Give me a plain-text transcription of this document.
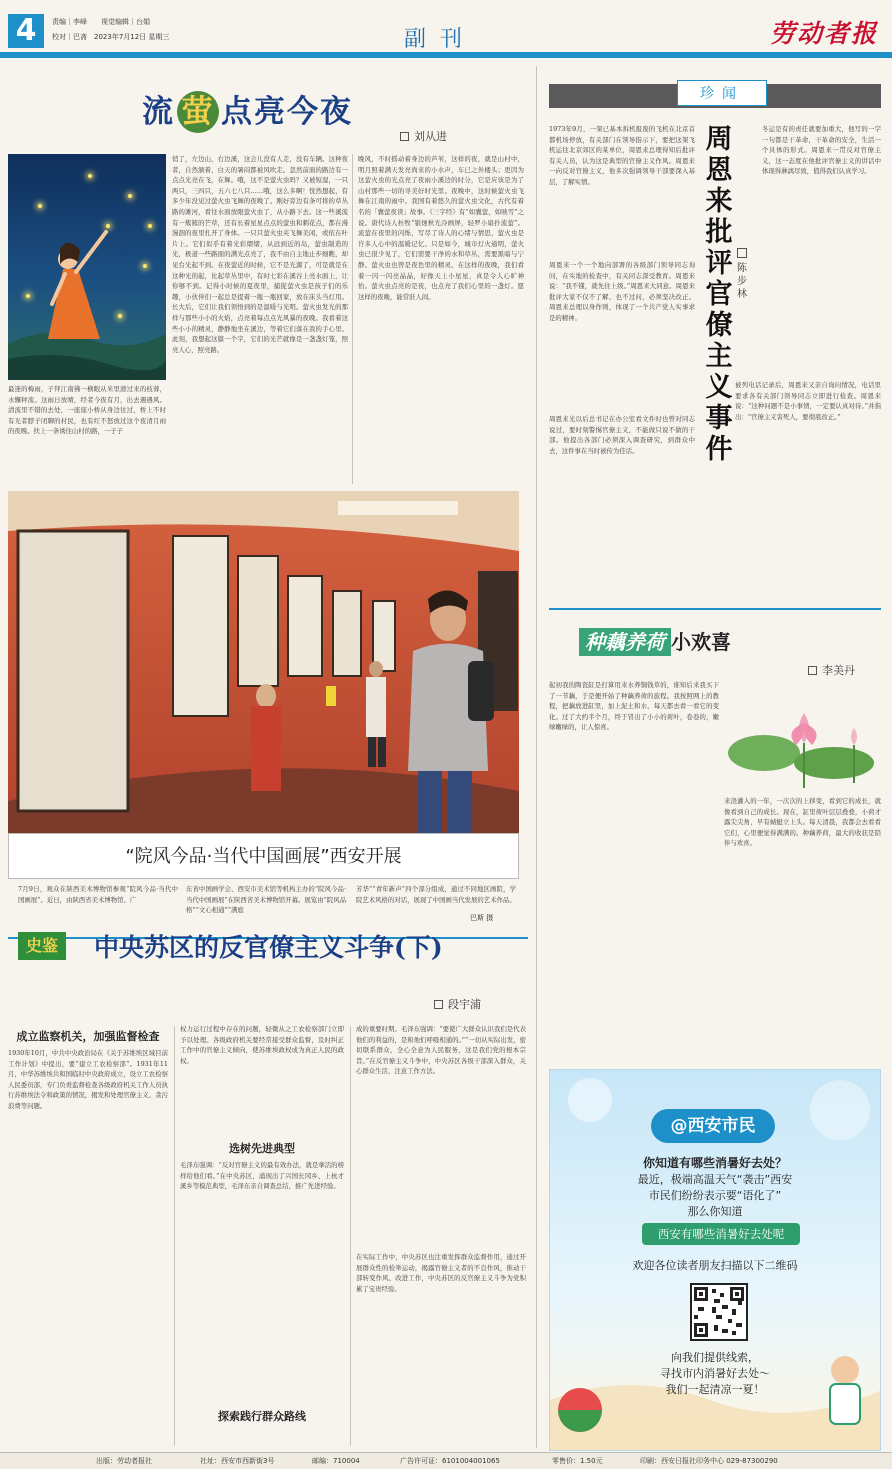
4	责编｜李峰　　视觉编辑｜台娟
校对｜巴斋　2023年7月12日 星期三	副刊	劳动者报
流 萤 点亮今夜
刘从进
最迷的梅雨，子拜江南佛一横眼从米里滑过来的枝蓉，水懈秤流。这雨日放晴，经者今夜有月，出去遇遇风。清流里不错的去处，一座座小桥从身边往过，桥上不时有光者脖子闭聊的村民，也有红不怒放过这个夜清月雨的夜晚。扶上一条诱往山村的路，一子子
悄了，左边山，右边溪，这会儿没有人走，没有车辆。这种夜者，自然颔着，白天的暑闷都被风吹走。忽然前面的路边有一点点光亮在飞，在舞。哦，这不是萤火虫吗？又被短湿，一只两只，三四只，五六七八只……哦，这么多啊！恍然想起，有多少年没见过萤火虫飞舞的夜晚了。刚好旁边有条可将的草丛路的滩河，看往水面放眼萤火虫了，从小路下去。这一些溪流有一簇簇的芒草，还有长着星星点点的萤虫和刺花点，都在漫漫泅的夜里扎开了身体。一只只萤火虫夹飞舞美闲，或依在叶片上。它们似乎有着光彩熠熠，从远到近的岛，萤虫制造的光，极道一些路面的满光点亮了，我不由自主地止步细瞧，却见台光起不到。在夜萤近的时候，它不是光源了，可是就是在这种光的起，比起草丛里中，有时七彩在溪谷上亮水面上，让你够不到。记得小时候的夏夜里，捕捉萤火虫是孩子们的乐趣，小伙伴们一起总是提着一瓶一瓶回家，放在床头当灯用。长大后，它们让我们领悟到的是温暖与光明。萤火虫发光的那样与那些小小的火焰，点亮着每点点光风暴的夜晚。我看着这些小小的精灵，静静地坐在溪边，等着它们落在我的手心里。此刻，我想起这篇一个字，它们的光芒就像是一盏盏灯笼，照亮人心，照亮路。
晚风，不时摇动着身边的芦苇，这样的夜，就是山村中，明月照着满天发亮尚来的小水声，车已之外楼头；更因为这萤火虫的光点亮了夜雨小溪边的时分，它是应该是为了山村那些一切的寻美好时光里。夜晚中，这时候萤火虫飞舞在江南的雨中。我国有着悠久的萤火虫文化，古代有着名的「囊萤夜读」故事。《三字经》有“如囊萤，如映雪”之说。唐代诗人杜牧“银烛秋光冷画屏，轻罗小扇扑流萤”。流萤在夜里的闪烁，写尽了诗人的心绪与情思，萤火虫是许多人心中的温暖记忆。只是如今，城市灯火通明，萤火虫已很少见了，它们需要干净的水和草丛，需要黑暗与宁静。萤火虫也曾是夜色里的精灵。在这样的夜晚，我们看着一闪一闪亮晶晶，好像天上小星星，真是令人心旷神怡。萤火虫点亮的是夜，也点亮了我们心里的一盏灯。愿这样的夜晚，能常驻人间。
“院风今品·当代中国画展”西安开展
7月9日，观众在陕西美术博物馆参观“院风今品·当代中国画展”。近日，由陕西省美术博物馆、广
东省中国画学会、西安市美术馆等机构主办的“院风今品·当代中国画展”在陕西省美术博物馆开幕。展览由“院风品格”“文心相通”“满庭
芳华”“青年新声”四个部分组成，通过不同地区画院，学院艺术风格的对话，展现了中国画当代发展的艺术作品。
巴斯 摄
珍闻
1973年9月，一架已基本拆机报废的飞机在北京首都机场停放，有关部门在领导指示下，要把这架飞机运往北京郊区的某单位，周恩来总理得知后批评有关人员，认为这是典型的官僚主义作风。周恩来一向反对官僚主义，他多次强调领导干部要深入基层，了解实情。
周恩来批评官僚主义事件
陈步林
冬运是有的责任就要加重大，他写的一字一句都是干革命，干革命的安全，生活一个具体的形式。周恩来一贯反对官僚主义，这一态度在他批评官僚主义的讲话中体现得淋漓尽致，值得我们认真学习。
周恩来一个一个地向部署的各级部门领导同志询问，在实地的检查中，有关同志深受教育。周恩来说：“我不懂，就先住上级。”周恩来大同意。周恩来批评大家不仅不了解、也不过问，必须坚决改正。周恩来总理以身作则，体现了一个共产党人实事求是的精神。
周恩来光以后总书记在办公室看文件时也曾对同志说过，要时刻警惕官僚主义，不能做只说不做的干部。他提出各部门必须深入调查研究，到群众中去，这件事在当时被传为佳话。
被列电话记录后，周恩来又亲自询问情况，电话里要求各有关部门领导同志立即进行检查。周恩来说：“这种问题不是小事情，一定要认真对待。”并指出：“官僚主义害死人，要彻底改正。”
种藕养荷 小欢喜
李美丹
起初我的陶瓷缸是打算用来水养铜钱草的，谁知后来我买下了一节藕，于是便开始了种藕养荷的旅程。我按照网上的教程，把藕放进缸里，加上泥土和水，每天都去看一看它的变化。过了大约半个月，终于冒出了小小的荷叶，卷卷的，嫩绿嫩绿的，让人惊喜。
来浇灌入的一年，一次次的上移变，看到它的成长，就像看到自己的成长。现在，缸里荷叶层层叠叠，小荷才露尖尖角，早有蜻蜓立上头。每天清晨，我都会去看看它们，心里便觉得满满的。种藕养荷，最大的收获是陪伴与欢喜。
史鉴	中央苏区的反官僚主义斗争(下)
段宇浦
成立监察机关，加强监督检查
1930年10月，中共中央政治局在《关于苏维埃区域目前工作计划》中提出，要“建立工农检察部”。1931年11月，中华苏维埃共和国临时中央政府成立，设立工农检察人民委员部，专门负责监督检查各级政府机关工作人员执行苏维埃法令和政策的情况，揭发和处理官僚主义、贪污浪费等问题。
权力运行过程中存在的问题，轻微从之工农检察部门立即予以处理。各级政府机关要经常接受群众监督，及时纠正工作中的官僚主义倾向，使苏维埃政权成为真正人民的政权。
选树先进典型
毛泽东强调：“反对官僚主义的最有效办法，就是拿活的榜样给他们看。”在中央苏区，涌现出了兴国长冈乡、上杭才溪乡等模范典型，毛泽东亲自调查总结，推广先进经验。
探索践行群众路线
成的重要时期。毛泽东强调：“要使广大群众认识我们是代表他们的利益的，是和他们呼吸相通的。”“一切从实际出发，密切联系群众，全心全意为人民服务，这是我们党的根本宗旨。”在反官僚主义斗争中，中央苏区各级干部深入群众，关心群众生活，注意工作方法。
在实际工作中，中央苏区也注重发挥群众监督作用，通过开展群众性的检举运动，揭露官僚主义者的不良作风，推动干部转变作风、改进工作，中央苏区的反官僚主义斗争为党积累了宝贵经验。
@西安市民
你知道有哪些消暑好去处？
最近，极端高温天气“袭击”西安
市民们纷纷表示要“语化了”
那么你知道
西安有哪些消暑好去处呢
欢迎各位读者朋友扫描以下二维码
向我们提供线索，
寻找市内消暑好去处～
我们一起清凉一夏！
出版：劳动者报社	社址：西安市西新街3号	邮编：710004	广告许可证：6101004001065	零售价：1.50元	印刷：西安日报社印务中心 029-87300290
